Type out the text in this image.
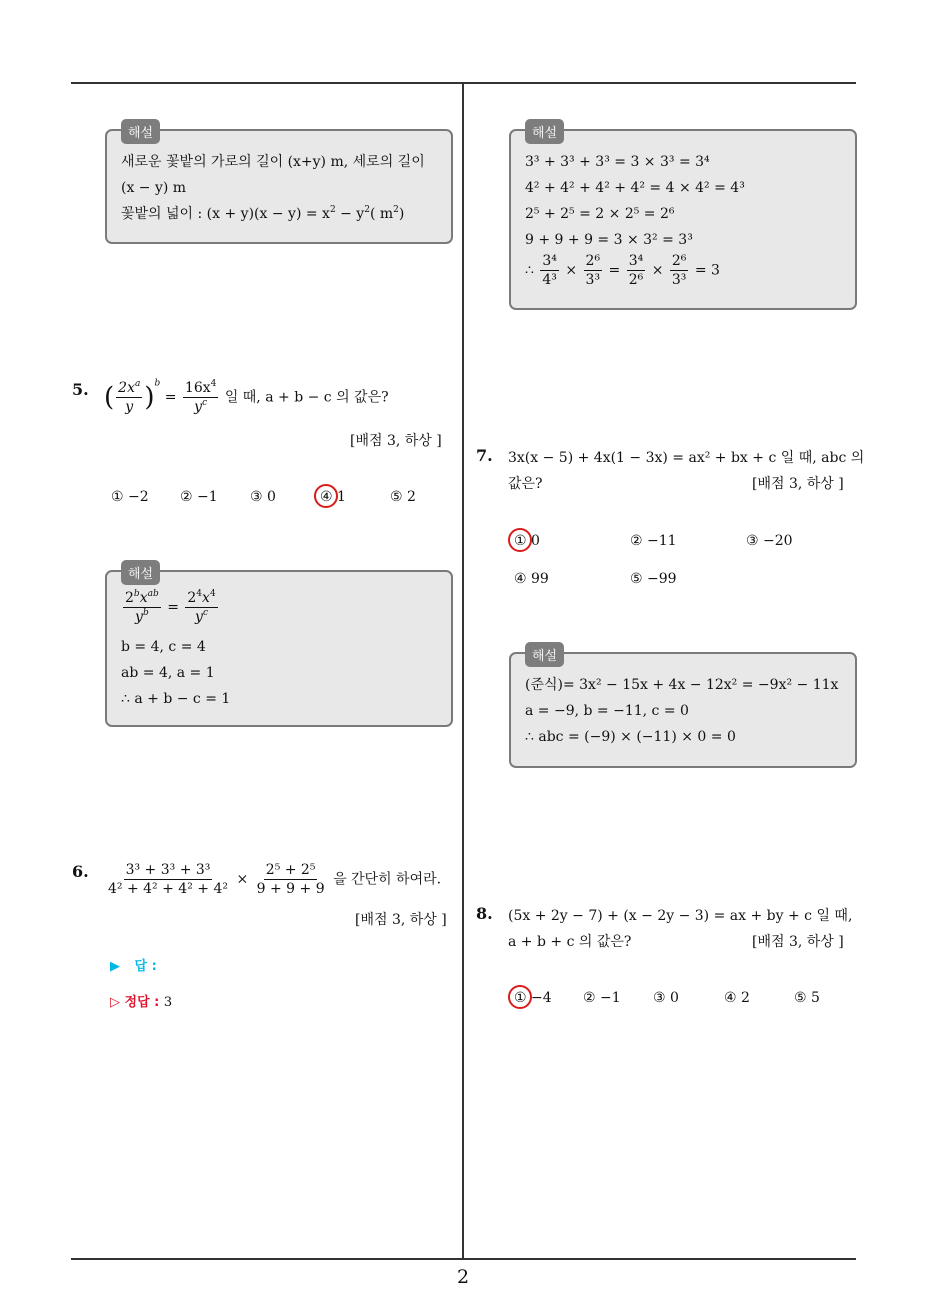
2
해설
새로운 꽃밭의 가로의 길이 (x+y) m, 세로의 길이
(x − y) m
꽃밭의 넓이 : $(x + y)(x - y) = x^2 - y^2$( $m^2$)
5. ( $\frac{2x^a}{y} )^b = \frac{16x^4}{y^c}$ 일 때, a + b − c 의 값은?
[배점 3, 하상 ]
① −2 ② −1 ③ 0	④ 1	⑤ 2
해설
$\frac{2^bx^{ab}}{y^b} = \frac{2^4x^4}{y^c}$
b = 4, c = 4
ab = 4, a = 1
∴ a + b − c = 1
6. $\frac{\text{3³ + 3³ + 3³}}{\text{4² + 4² + 4² + 4²}} \times \frac{\text{2⁵ + 2⁵}}{9 + 9 + 9}$ 을 간단히 하여라.
[배점 3, 하상 ]
▶ 답 :
▷ 정답 : 3
해설
3³ + 3³ + 3³ = 3 × 3³ = 3⁴
4² + 4² + 4² + 4² = 4 × 4² = 4³
2⁵ + 2⁵ = 2 × 2⁵ = 2⁶
9 + 9 + 9 = 3 × 3² = 3³
∴ $\frac{\text{3⁴}}{\text{4³}} \times \frac{\text{2⁶}}{\text{3³}} = \frac{\text{3⁴}}{\text{2⁶}} \times \frac{\text{2⁶}}{\text{3³}} = 3$
7. 3x(x − 5) + 4x(1 − 3x) = ax² + bx + c 일 때, abc 의
값은?	[배점 3, 하상 ]
① 0	② −11	③ −20
④ 99	⑤ −99
해설
(준식)= 3x² − 15x + 4x − 12x² = −9x² − 11x
a = −9, b = −11, c = 0
∴ abc = (−9) × (−11) × 0 = 0
8. (5x + 2y − 7) + (x − 2y − 3) = ax + by + c 일 때,
a + b + c 의 값은?	[배점 3, 하상 ]
① −4 ② −1 ③ 0	④ 2	⑤ 5
